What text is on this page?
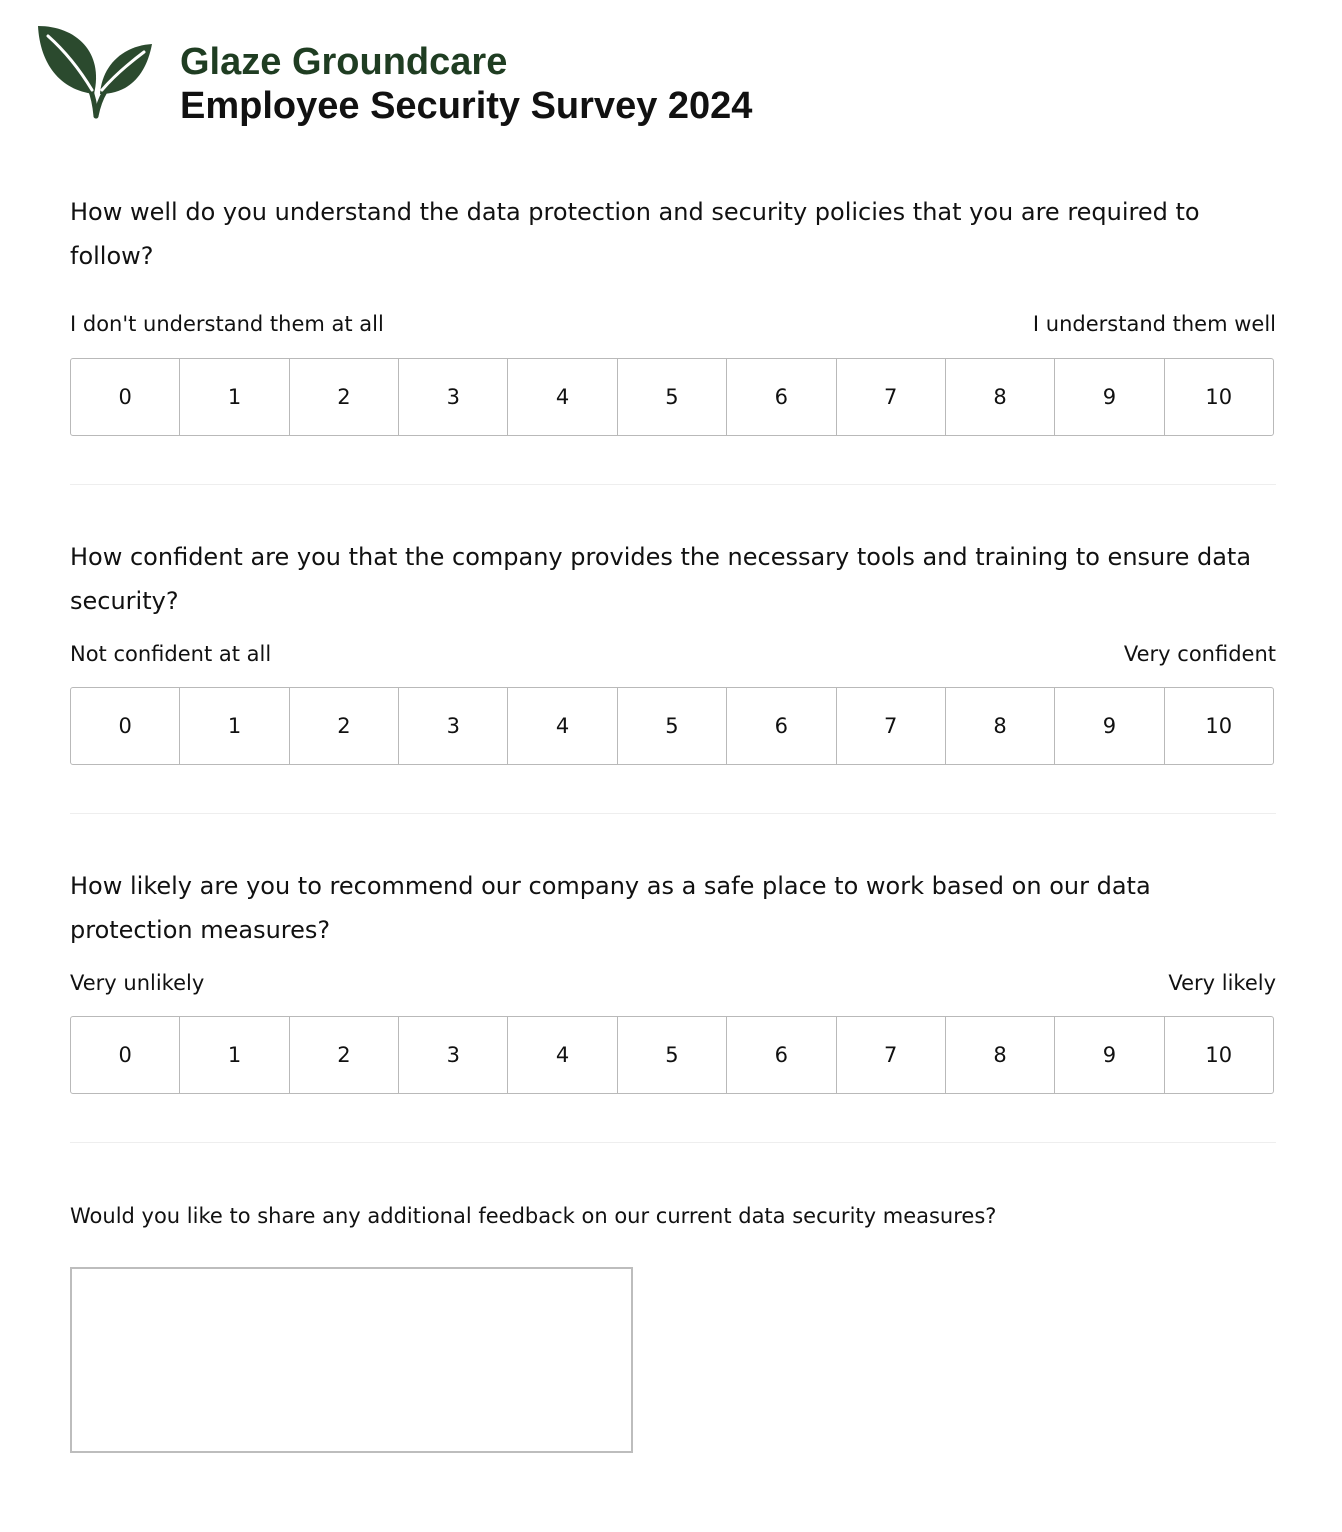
Glaze Groundcare
Employee Security Survey 2024

How well do you understand the data protection and security policies that you are required to follow?

I don't understand them at all	I understand them well
0	1	2	3	4	5	6	7	8	9	10

How confident are you that the company provides the necessary tools and training to ensure data security?

Not confident at all	Very confident
0	1	2	3	4	5	6	7	8	9	10

How likely are you to recommend our company as a safe place to work based on our data protection measures?

Very unlikely	Very likely
0	1	2	3	4	5	6	7	8	9	10
Would you like to share any additional feedback on our current data security measures?
